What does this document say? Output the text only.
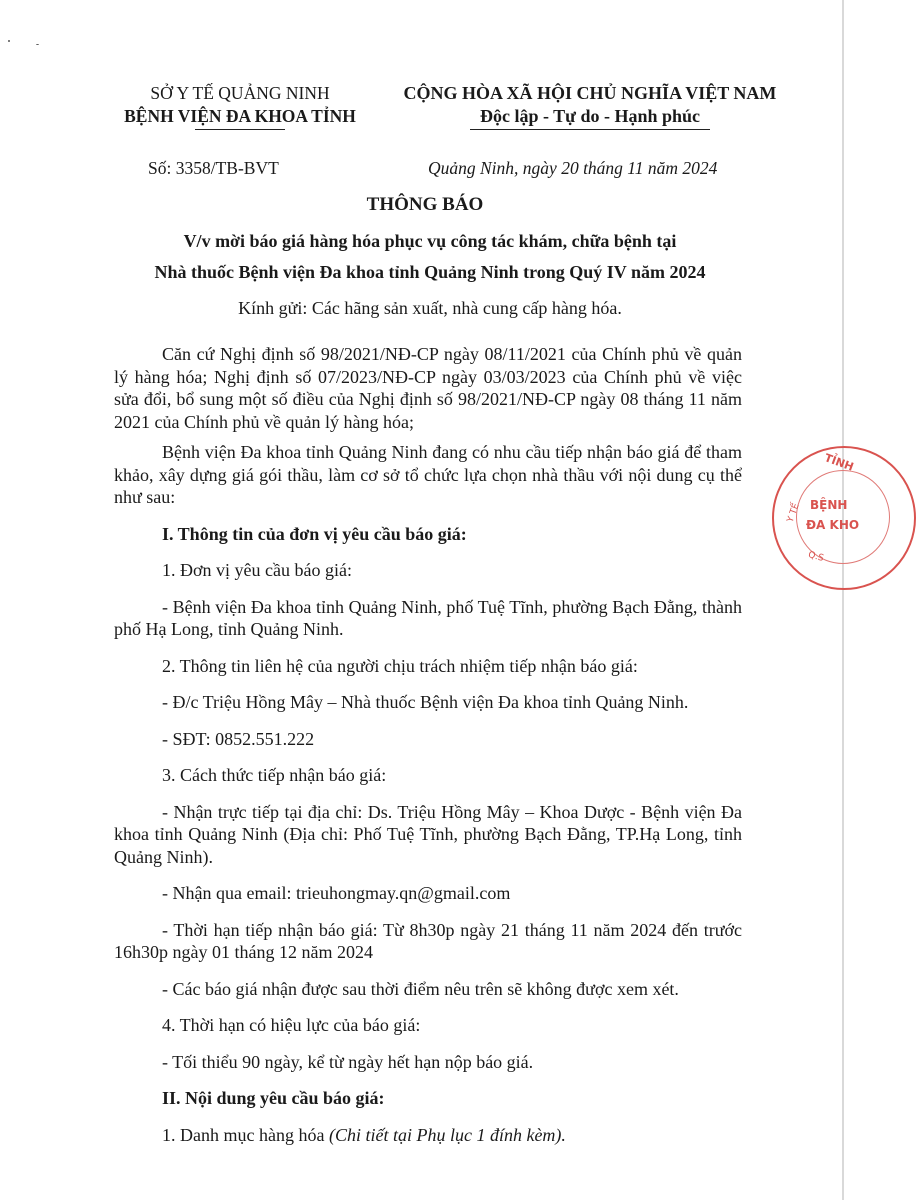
SỞ Y TẾ QUẢNG NINH
BỆNH VIỆN ĐA KHOA TỈNH
CỘNG HÒA XÃ HỘI CHỦ NGHĨA VIỆT NAM
Độc lập - Tự do - Hạnh phúc
Số: 3358/TB-BVT	Quảng Ninh, ngày 20 tháng 11 năm 2024
THÔNG BÁO
V/v mời báo giá hàng hóa phục vụ công tác khám, chữa bệnh tại
Nhà thuốc Bệnh viện Đa khoa tỉnh Quảng Ninh trong Quý IV năm 2024
Kính gửi: Các hãng sản xuất, nhà cung cấp hàng hóa.

Căn cứ Nghị định số 98/2021/NĐ-CP ngày 08/11/2021 của Chính phủ về quản lý hàng hóa; Nghị định số 07/2023/NĐ-CP ngày 03/03/2023 của Chính phủ về việc sửa đổi, bổ sung một số điều của Nghị định số 98/2021/NĐ-CP ngày 08 tháng 11 năm 2021 của Chính phủ về quản lý hàng hóa;

Bệnh viện Đa khoa tỉnh Quảng Ninh đang có nhu cầu tiếp nhận báo giá để tham khảo, xây dựng giá gói thầu, làm cơ sở tổ chức lựa chọn nhà thầu với nội dung cụ thể như sau:

I. Thông tin của đơn vị yêu cầu báo giá:

1. Đơn vị yêu cầu báo giá:

- Bệnh viện Đa khoa tỉnh Quảng Ninh, phố Tuệ Tĩnh, phường Bạch Đằng, thành phố Hạ Long, tỉnh Quảng Ninh.

2. Thông tin liên hệ của người chịu trách nhiệm tiếp nhận báo giá:

- Đ/c Triệu Hồng Mây – Nhà thuốc Bệnh viện Đa khoa tỉnh Quảng Ninh.

- SĐT: 0852.551.222

3. Cách thức tiếp nhận báo giá:

- Nhận trực tiếp tại địa chỉ: Ds. Triệu Hồng Mây – Khoa Dược - Bệnh viện Đa khoa tỉnh Quảng Ninh (Địa chỉ: Phố Tuệ Tĩnh, phường Bạch Đằng, TP.Hạ Long, tỉnh Quảng Ninh).

- Nhận qua email: trieuhongmay.qn@gmail.com

- Thời hạn tiếp nhận báo giá: Từ 8h30p ngày 21 tháng 11 năm 2024 đến trước 16h30p ngày 01 tháng 12 năm 2024

- Các báo giá nhận được sau thời điểm nêu trên sẽ không được xem xét.

4. Thời hạn có hiệu lực của báo giá:

- Tối thiểu 90 ngày, kể từ ngày hết hạn nộp báo giá.

II. Nội dung yêu cầu báo giá:

1. Danh mục hàng hóa (Chi tiết tại Phụ lục 1 đính kèm).

TỈNH
BỆNH
ĐA KHO
Y TẾ
Q.S
